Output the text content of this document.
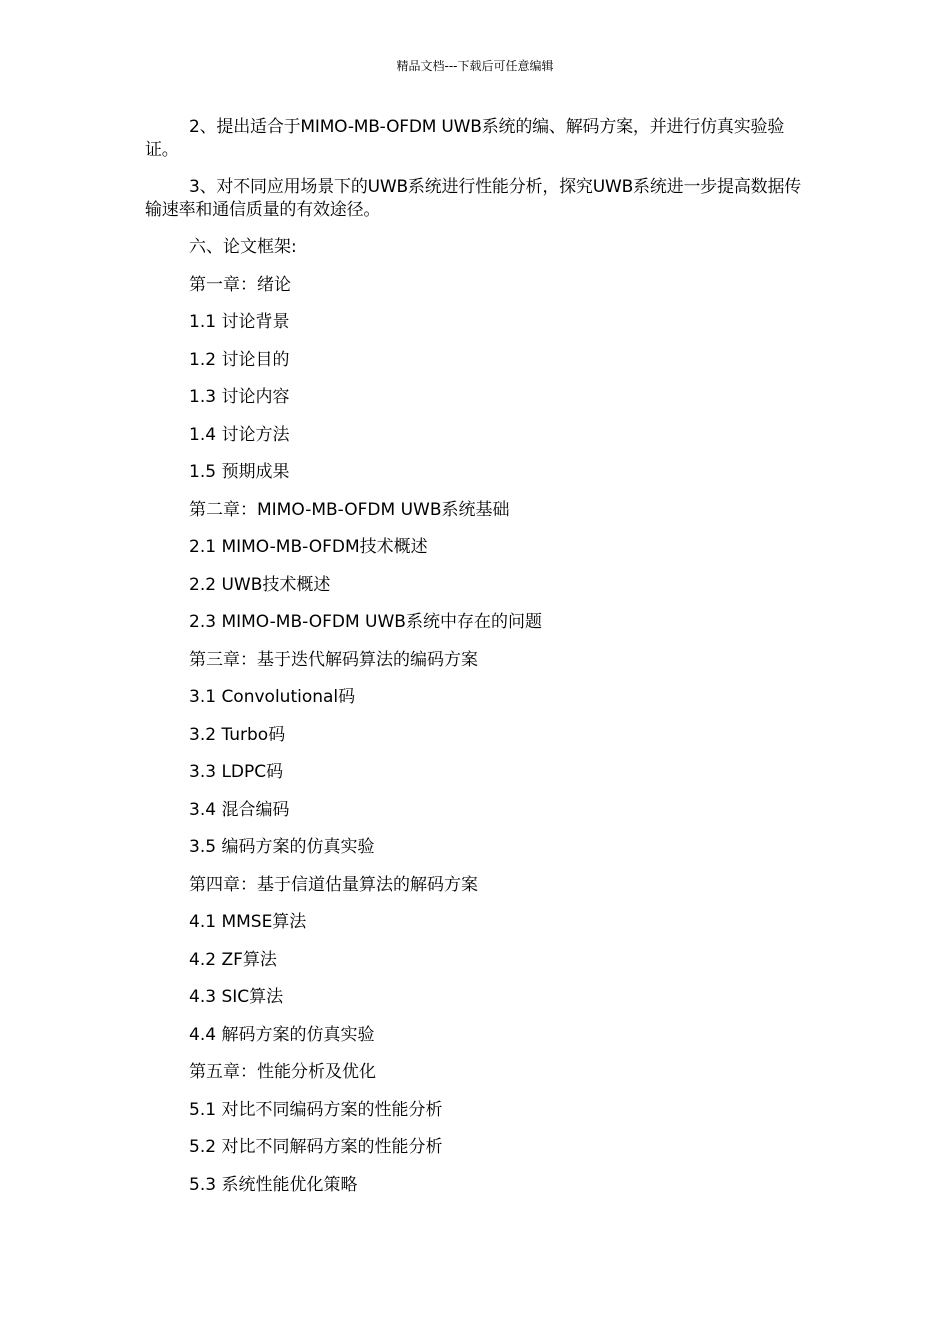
精品文档---下载后可任意编辑

2、提出适合于MIMO-MB-OFDM UWB系统的编、解码方案，并进行仿真实验验证。

3、对不同应用场景下的UWB系统进行性能分析，探究UWB系统进一步提高数据传输速率和通信质量的有效途径。

六、论文框架:
第一章：绪论
1.1 讨论背景
1.2 讨论目的
1.3 讨论内容
1.4 讨论方法
1.5 预期成果
第二章：MIMO-MB-OFDM UWB系统基础
2.1 MIMO-MB-OFDM技术概述
2.2 UWB技术概述
2.3 MIMO-MB-OFDM UWB系统中存在的问题
第三章：基于迭代解码算法的编码方案
3.1 Convolutional码
3.2 Turbo码
3.3 LDPC码
3.4 混合编码
3.5 编码方案的仿真实验
第四章：基于信道估量算法的解码方案
4.1 MMSE算法
4.2 ZF算法
4.3 SIC算法
4.4 解码方案的仿真实验
第五章：性能分析及优化
5.1 对比不同编码方案的性能分析
5.2 对比不同解码方案的性能分析
5.3 系统性能优化策略
